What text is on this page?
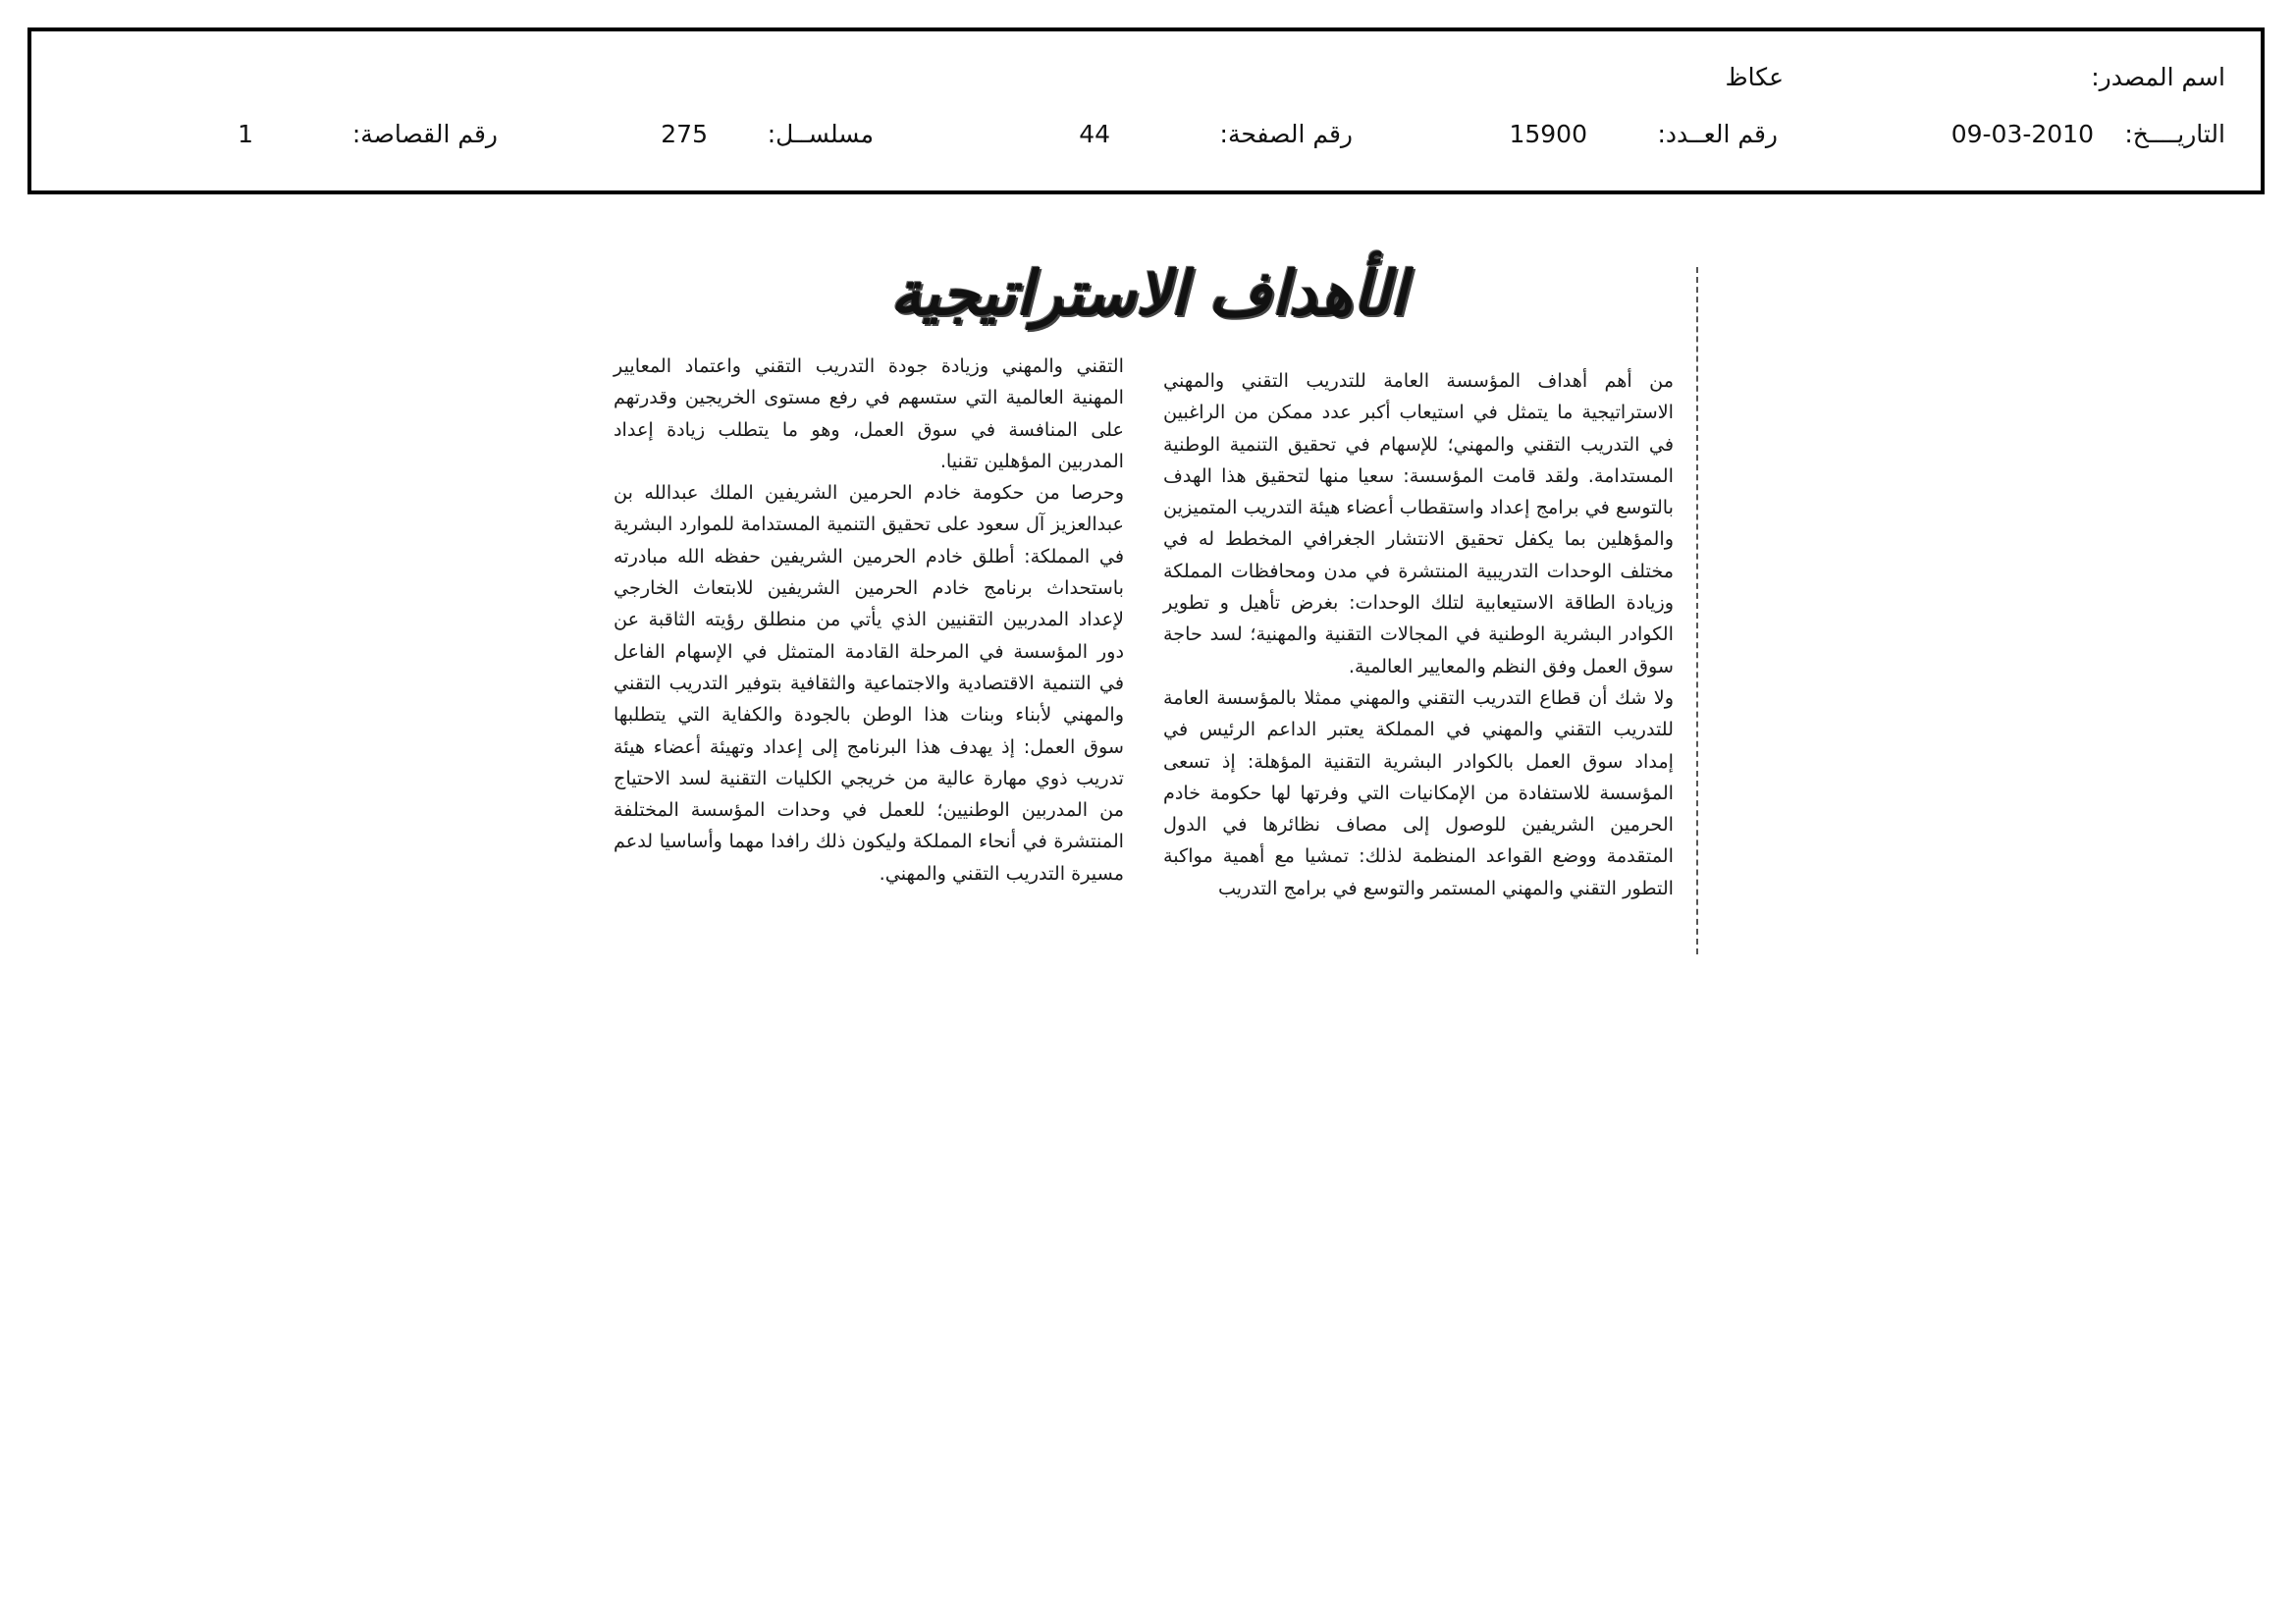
اسم المصدر:
عكاظ
التاريــــخ:
09-03-2010
رقم العــدد:
15900
رقم الصفحة:
44
مسلســل:
275
رقم القصاصة:
1
الأهداف الاستراتيجية

من أهم أهداف المؤسسة العامة للتدريب التقني والمهني الاستراتيجية ما يتمثل في استيعاب أكبر عدد ممكن من الراغبين في التدريب التقني والمهني؛ للإسهام في تحقيق التنمية الوطنية المستدامة. ولقد قامت المؤسسة: سعيا منها لتحقيق هذا الهدف بالتوسع في برامج إعداد واستقطاب أعضاء هيئة التدريب المتميزين والمؤهلين بما يكفل تحقيق الانتشار الجغرافي المخطط له في مختلف الوحدات التدريبية المنتشرة في مدن ومحافظات المملكة وزيادة الطاقة الاستيعابية لتلك الوحدات: بغرض تأهيل و تطوير الكوادر البشرية الوطنية في المجالات التقنية والمهنية؛ لسد حاجة سوق العمل وفق النظم والمعايير العالمية.

ولا شك أن قطاع التدريب التقني والمهني ممثلا بالمؤسسة العامة للتدريب التقني والمهني في المملكة يعتبر الداعم الرئيس في إمداد سوق العمل بالكوادر البشرية التقنية المؤهلة: إذ تسعى المؤسسة للاستفادة من الإمكانيات التي وفرتها لها حكومة خادم الحرمين الشريفين للوصول إلى مصاف نظائرها في الدول المتقدمة ووضع القواعد المنظمة لذلك: تمشيا مع أهمية مواكبة التطور التقني والمهني المستمر والتوسع في برامج التدريب

التقني والمهني وزيادة جودة التدريب التقني واعتماد المعايير المهنية العالمية التي ستسهم في رفع مستوى الخريجين وقدرتهم على المنافسة في سوق العمل، وهو ما يتطلب زيادة إعداد المدربين المؤهلين تقنيا.

وحرصا من حكومة خادم الحرمين الشريفين الملك عبدالله بن عبدالعزيز آل سعود على تحقيق التنمية المستدامة للموارد البشرية في المملكة: أطلق خادم الحرمين الشريفين حفظه الله مبادرته باستحداث برنامج خادم الحرمين الشريفين للابتعاث الخارجي لإعداد المدربين التقنيين الذي يأتي من منطلق رؤيته الثاقبة عن دور المؤسسة في المرحلة القادمة المتمثل في الإسهام الفاعل في التنمية الاقتصادية والاجتماعية والثقافية بتوفير التدريب التقني والمهني لأبناء وبنات هذا الوطن بالجودة والكفاية التي يتطلبها سوق العمل: إذ يهدف هذا البرنامج إلى إعداد وتهيئة أعضاء هيئة تدريب ذوي مهارة عالية من خريجي الكليات التقنية لسد الاحتياج من المدربين الوطنيين؛ للعمل في وحدات المؤسسة المختلفة المنتشرة في أنحاء المملكة وليكون ذلك رافدا مهما وأساسيا لدعم مسيرة التدريب التقني والمهني.
